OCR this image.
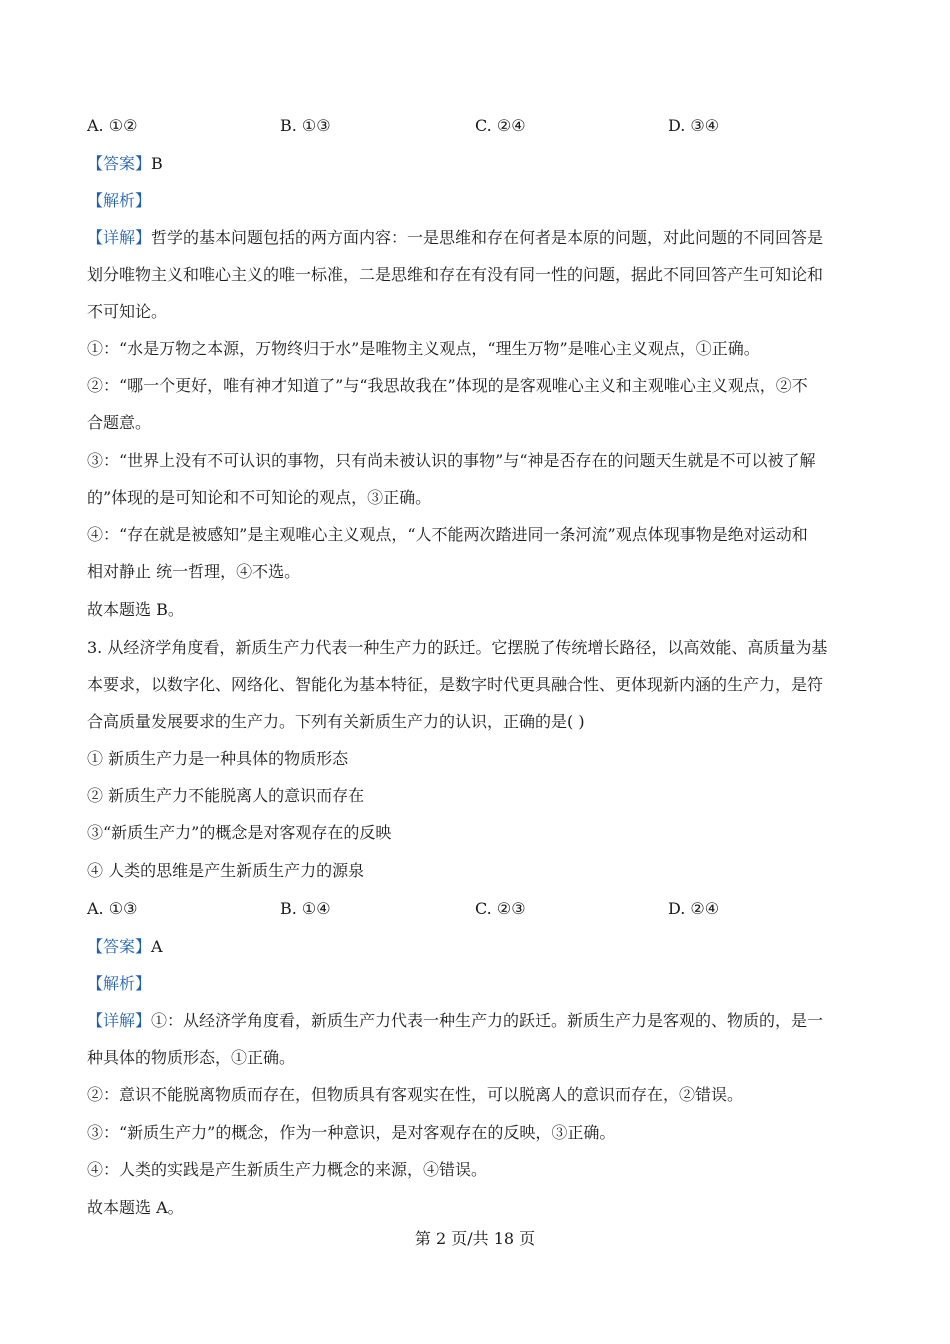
A. ①②	B. ①③	C. ②④	D. ③④
【答案】B
【解析】
【详解】哲学的基本问题包括的两方面内容：一是思维和存在何者是本原的问题，对此问题的不同回答是
划分唯物主义和唯心主义的唯一标准，二是思维和存在有没有同一性的问题，据此不同回答产生可知论和
不可知论。
①：“水是万物之本源，万物终归于水”是唯物主义观点，“理生万物”是唯心主义观点，①正确。
②：“哪一个更好，唯有神才知道了”与“我思故我在”体现的是客观唯心主义和主观唯心主义观点，②不
合题意。
③：“世界上没有不可认识的事物，只有尚未被认识的事物”与“神是否存在的问题天生就是不可以被了解
的”体现的是可知论和不可知论的观点，③正确。
④：“存在就是被感知”是主观唯心主义观点，“人不能两次踏进同一条河流”观点体现事物是绝对运动和
相对静止 统一哲理，④不选。
故本题选 B。
3. 从经济学角度看，新质生产力代表一种生产力的跃迁。它摆脱了传统增长路径，以高效能、高质量为基
本要求，以数字化、网络化、智能化为基本特征，是数字时代更具融合性、更体现新内涵的生产力，是符
合高质量发展要求的生产力。下列有关新质生产力的认识，正确的是( )
① 新质生产力是一种具体的物质形态
② 新质生产力不能脱离人的意识而存在
③“新质生产力”的概念是对客观存在的反映
④ 人类的思维是产生新质生产力的源泉
A. ①③	B. ①④	C. ②③	D. ②④
【答案】A
【解析】
【详解】①：从经济学角度看，新质生产力代表一种生产力的跃迁。新质生产力是客观的、物质的，是一
种具体的物质形态，①正确。
②：意识不能脱离物质而存在，但物质具有客观实在性，可以脱离人的意识而存在，②错误。
③：“新质生产力”的概念，作为一种意识，是对客观存在的反映，③正确。
④：人类的实践是产生新质生产力概念的来源，④错误。
故本题选 A。
第 2 页/共 18 页
